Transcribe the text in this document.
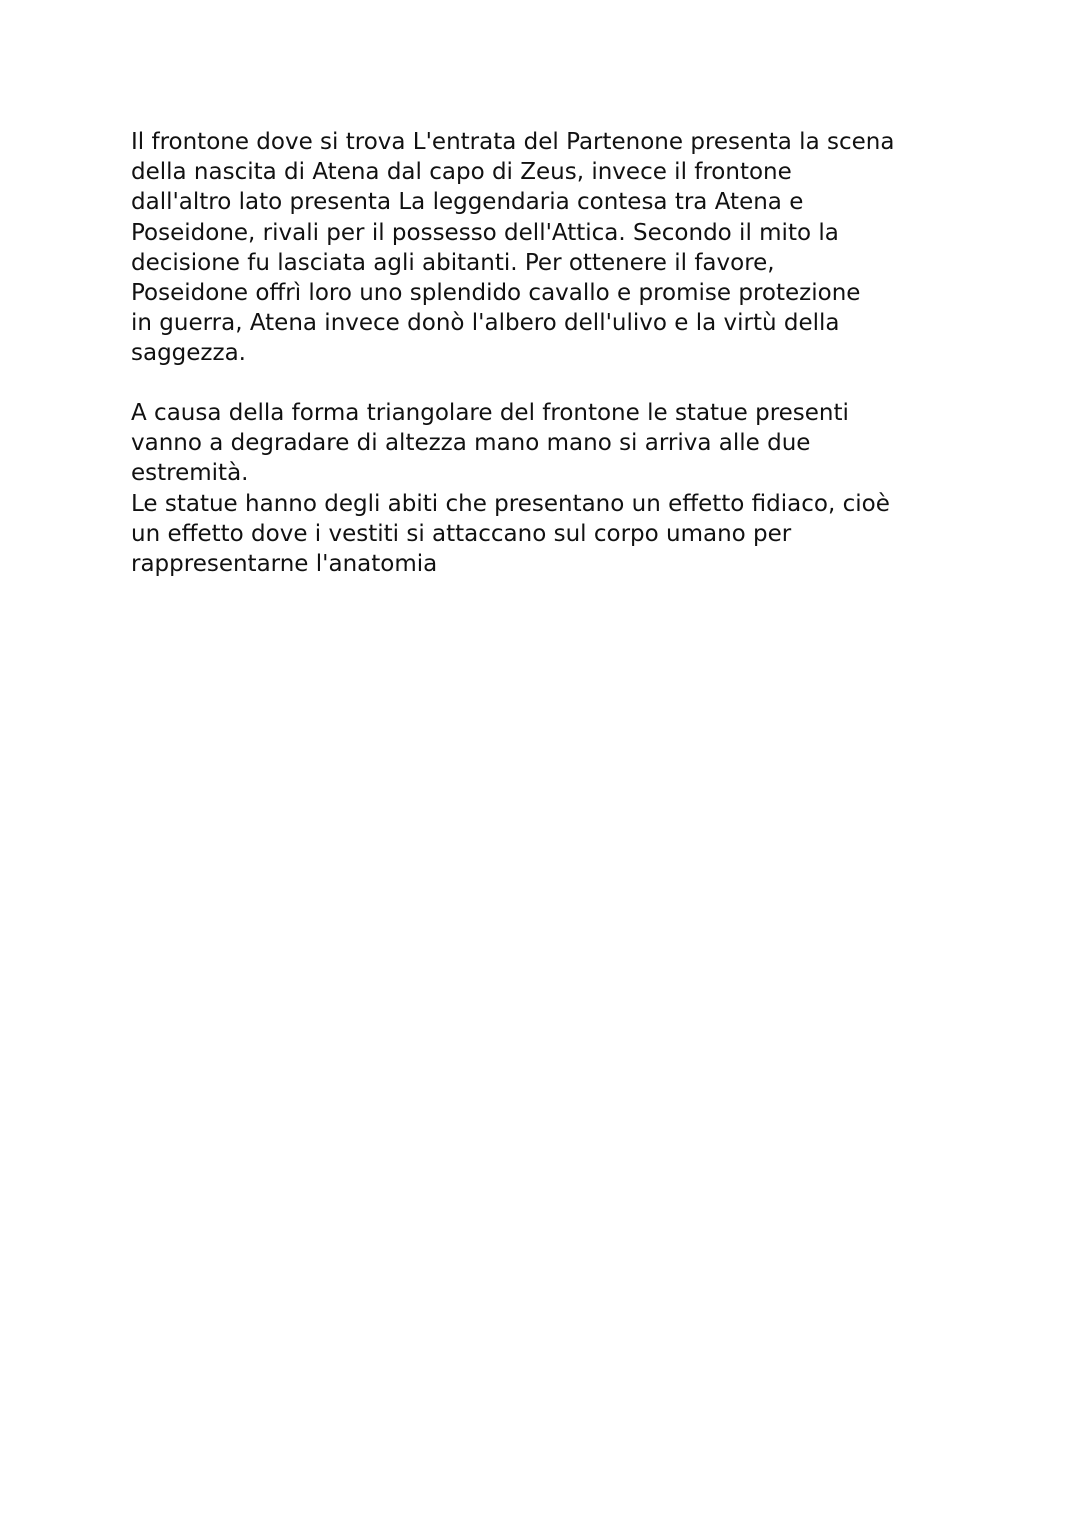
Il frontone dove si trova L'entrata del Partenone presenta la scena
della nascita di Atena dal capo di Zeus, invece il frontone
dall'altro lato presenta La leggendaria contesa tra Atena e
Poseidone, rivali per il possesso dell'Attica. Secondo il mito la
decisione fu lasciata agli abitanti. Per ottenere il favore,
Poseidone offrì loro uno splendido cavallo e promise protezione
in guerra, Atena invece donò l'albero dell'ulivo e la virtù della
saggezza.
A causa della forma triangolare del frontone le statue presenti
vanno a degradare di altezza mano mano si arriva alle due
estremità.
Le statue hanno degli abiti che presentano un effetto fidiaco, cioè
un effetto dove i vestiti si attaccano sul corpo umano per
rappresentarne l'anatomia
